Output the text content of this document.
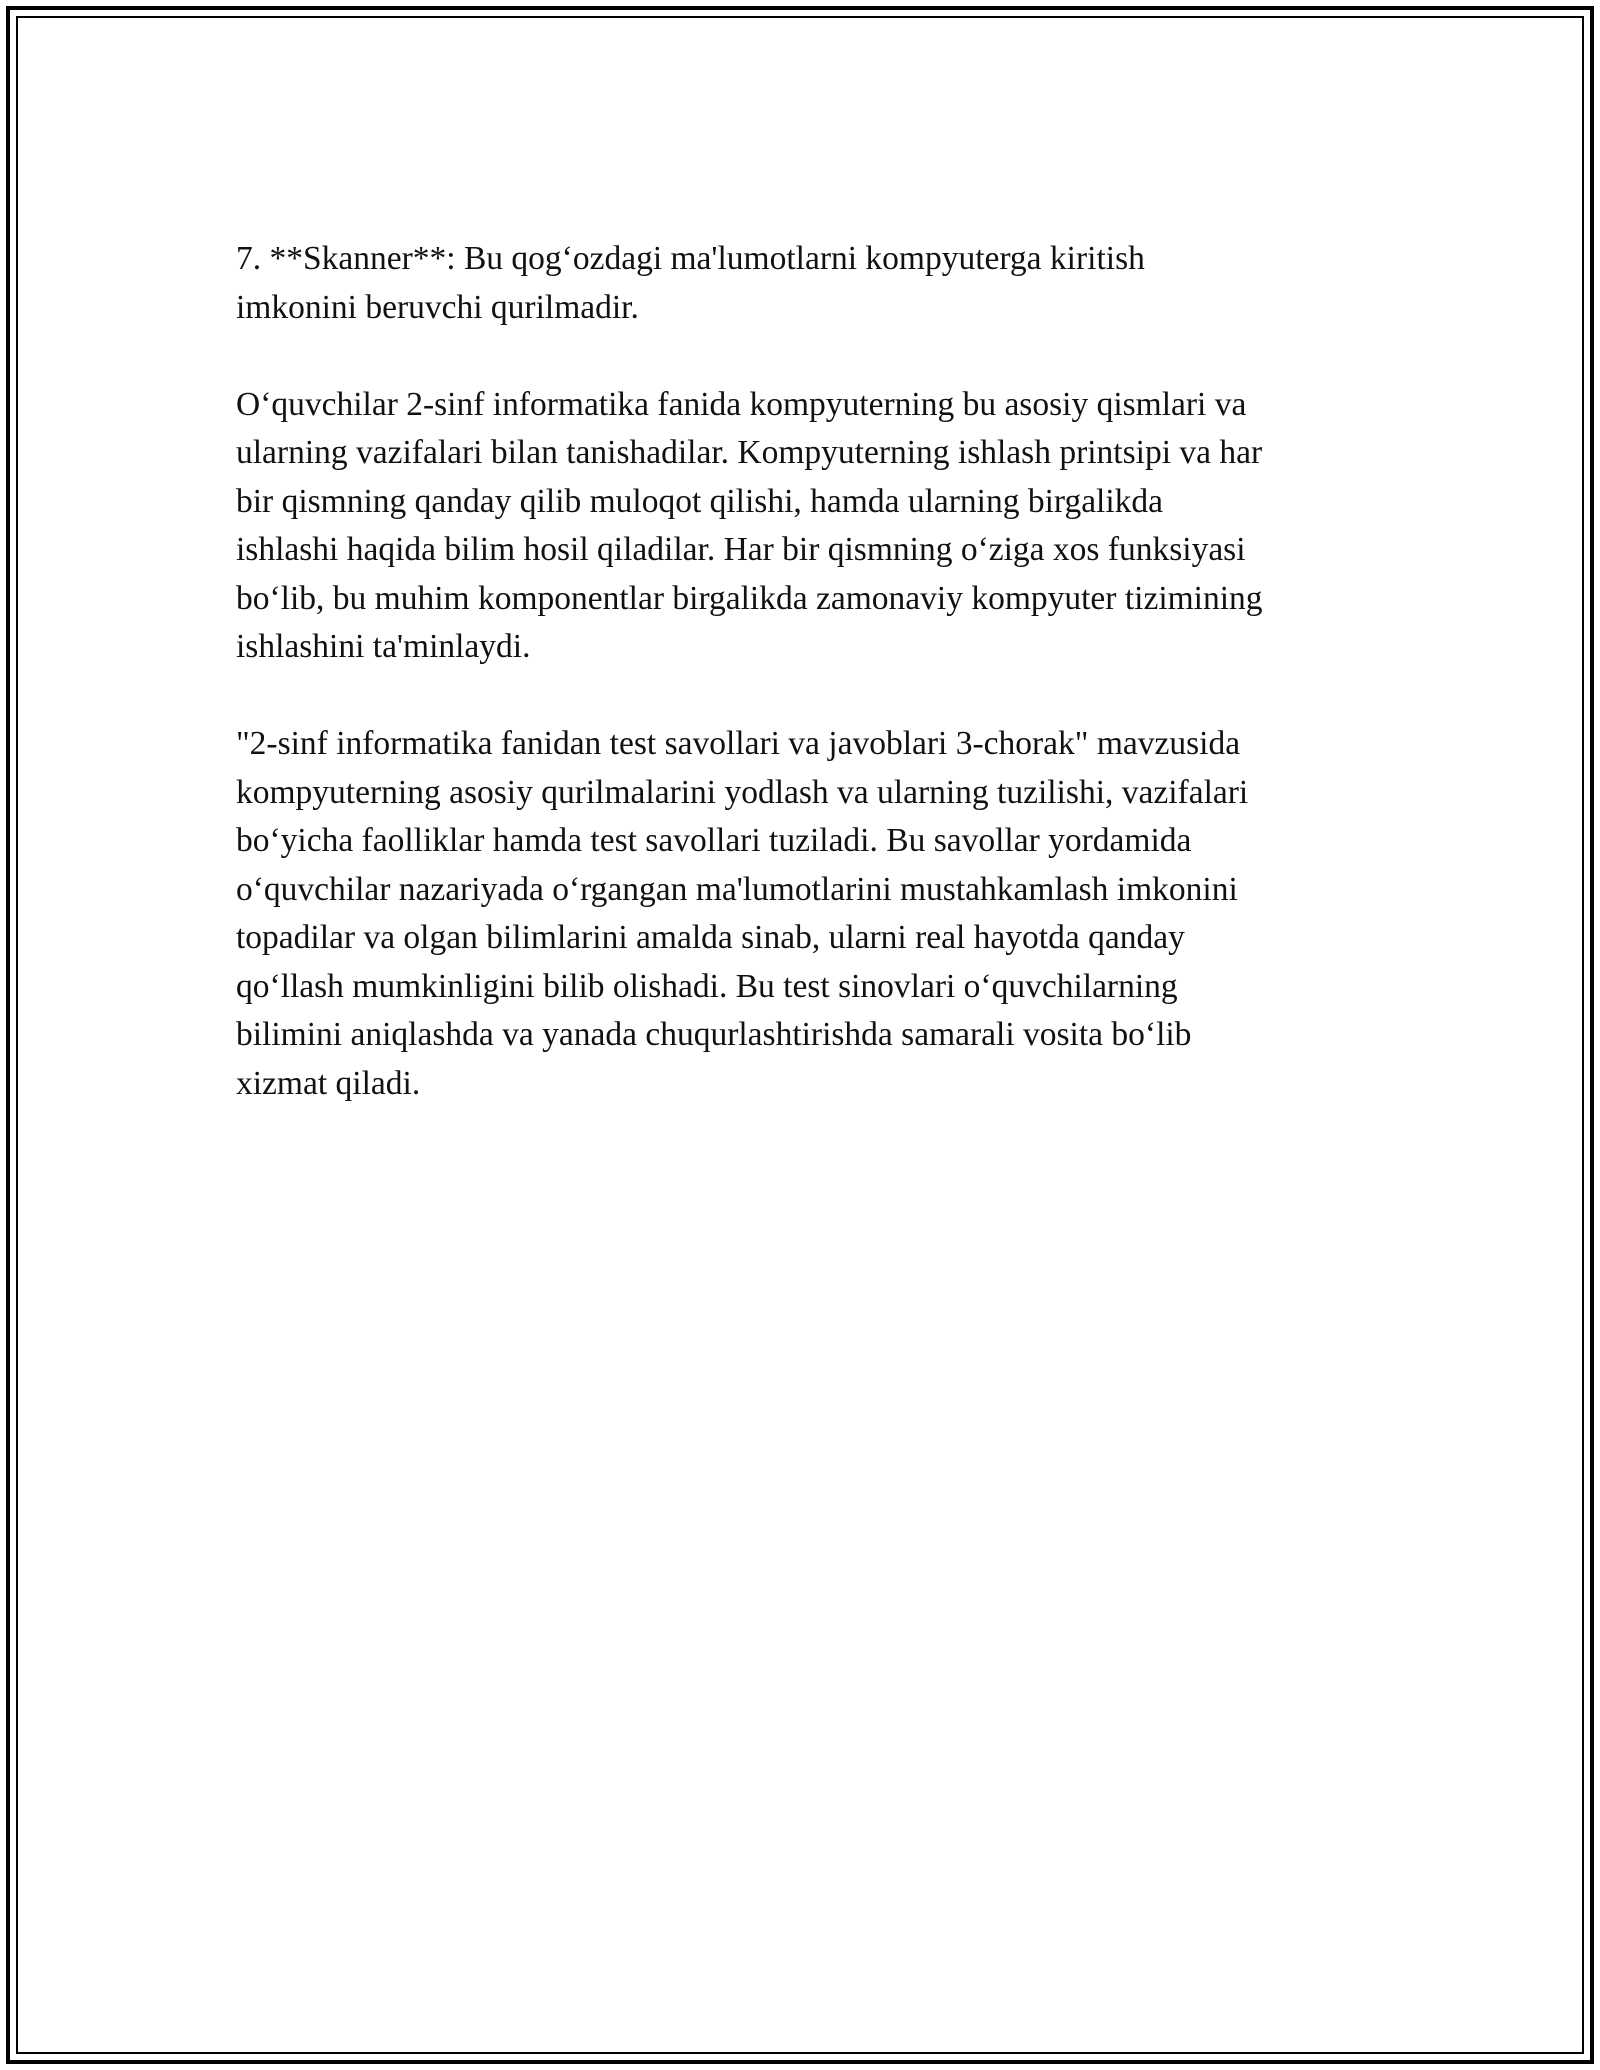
7. **Skanner**: Bu qog‘ozdagi ma'lumotlarni kompyuterga kiritish
imkonini beruvchi qurilmadir.

O‘quvchilar 2-sinf informatika fanida kompyuterning bu asosiy qismlari va
ularning vazifalari bilan tanishadilar. Kompyuterning ishlash printsipi va har
bir qismning qanday qilib muloqot qilishi, hamda ularning birgalikda
ishlashi haqida bilim hosil qiladilar. Har bir qismning o‘ziga xos funksiyasi
bo‘lib, bu muhim komponentlar birgalikda zamonaviy kompyuter tizimining
ishlashini ta'minlaydi.

"2-sinf informatika fanidan test savollari va javoblari 3-chorak" mavzusida
kompyuterning asosiy qurilmalarini yodlash va ularning tuzilishi, vazifalari
bo‘yicha faolliklar hamda test savollari tuziladi. Bu savollar yordamida
o‘quvchilar nazariyada o‘rgangan ma'lumotlarini mustahkamlash imkonini
topadilar va olgan bilimlarini amalda sinab, ularni real hayotda qanday
qo‘llash mumkinligini bilib olishadi. Bu test sinovlari o‘quvchilarning
bilimini aniqlashda va yanada chuqurlashtirishda samarali vosita bo‘lib
xizmat qiladi.
